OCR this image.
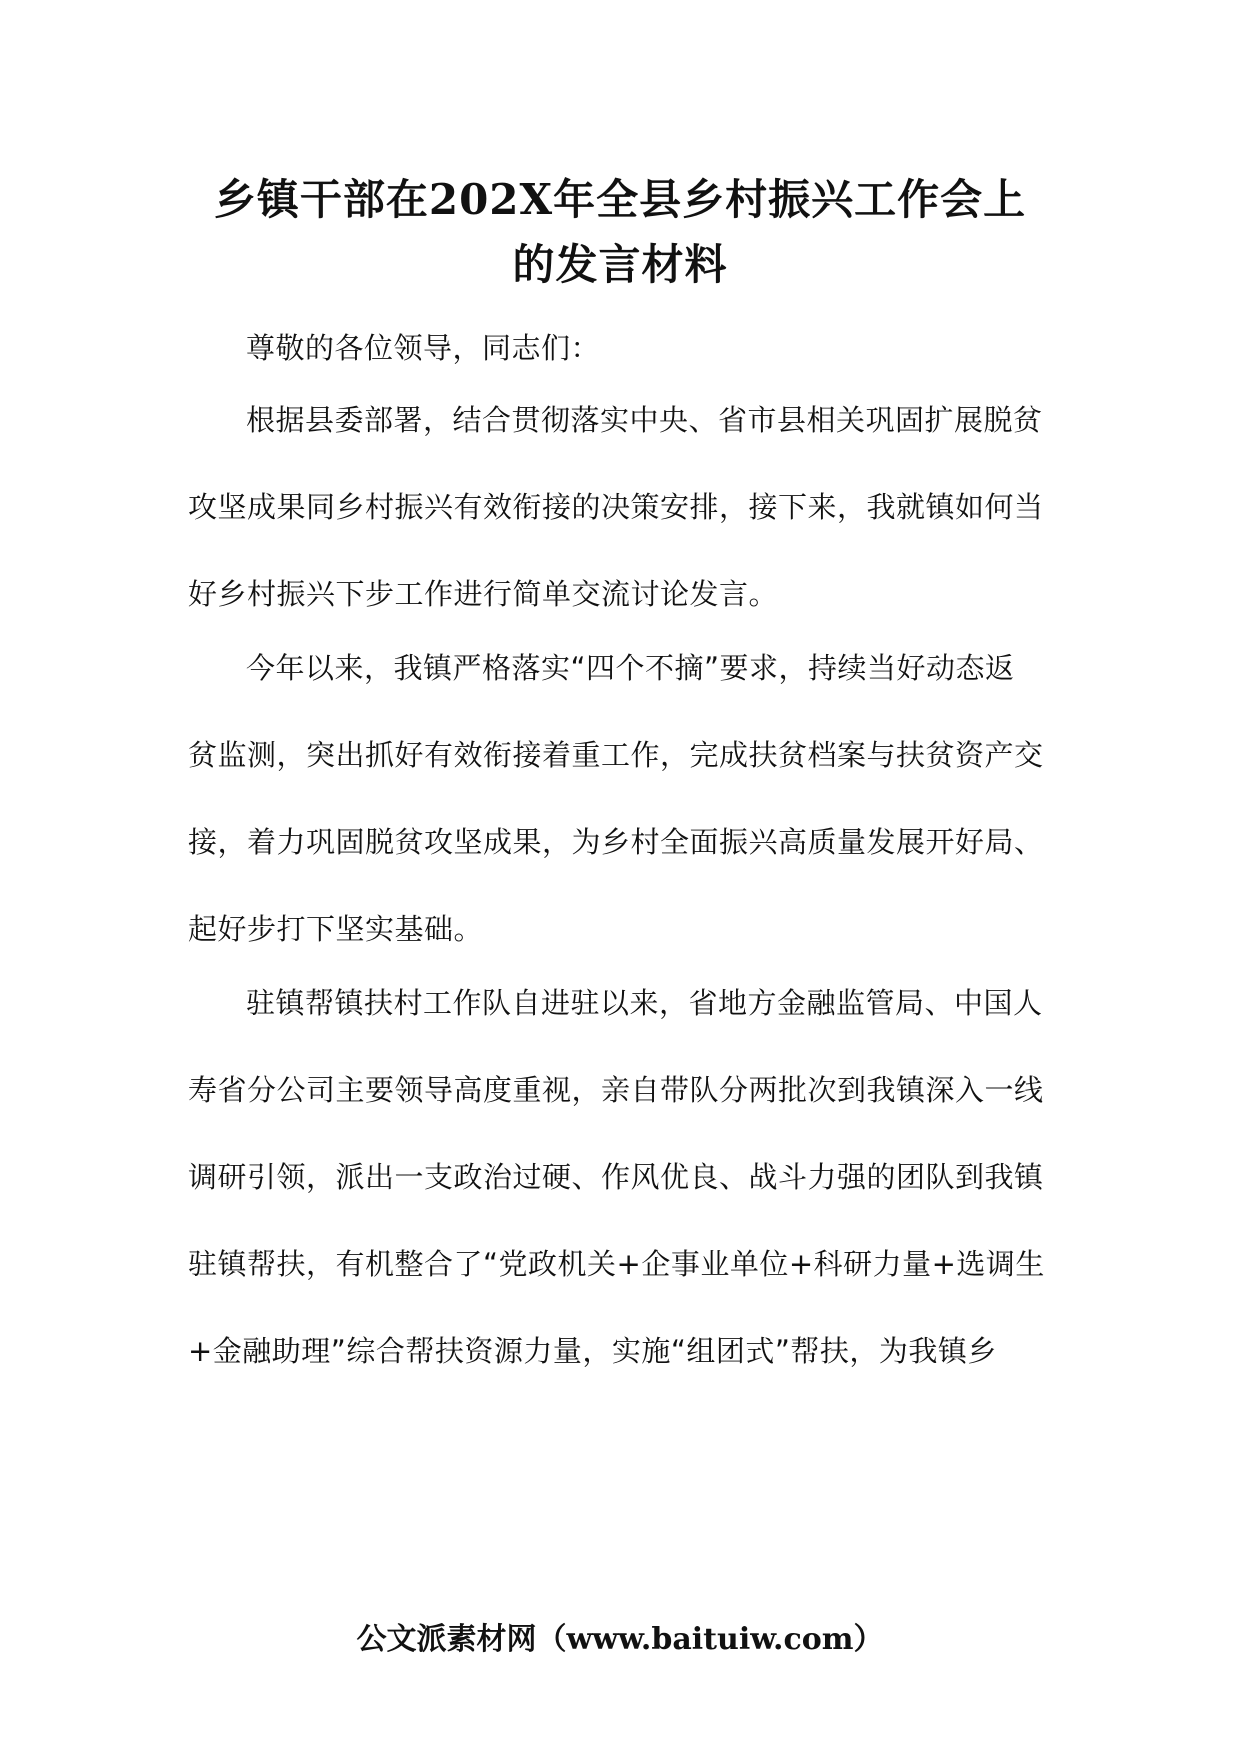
乡镇干部在202X年全县乡村振兴工作会上
的发言材料
尊敬的各位领导，同志们：
根据县委部署，结合贯彻落实中央、省市县相关巩固扩展脱贫
攻坚成果同乡村振兴有效衔接的决策安排，接下来，我就镇如何当
好乡村振兴下步工作进行简单交流讨论发言。
今年以来，我镇严格落实“四个不摘”要求，持续当好动态返
贫监测，突出抓好有效衔接着重工作，完成扶贫档案与扶贫资产交
接，着力巩固脱贫攻坚成果，为乡村全面振兴高质量发展开好局、
起好步打下坚实基础。
驻镇帮镇扶村工作队自进驻以来，省地方金融监管局、中国人
寿省分公司主要领导高度重视，亲自带队分两批次到我镇深入一线
调研引领，派出一支政治过硬、作风优良、战斗力强的团队到我镇
驻镇帮扶，有机整合了“党政机关+企事业单位+科研力量+选调生
+金融助理”综合帮扶资源力量，实施“组团式”帮扶，为我镇乡
公文派素材网（www.baituiw.com）
